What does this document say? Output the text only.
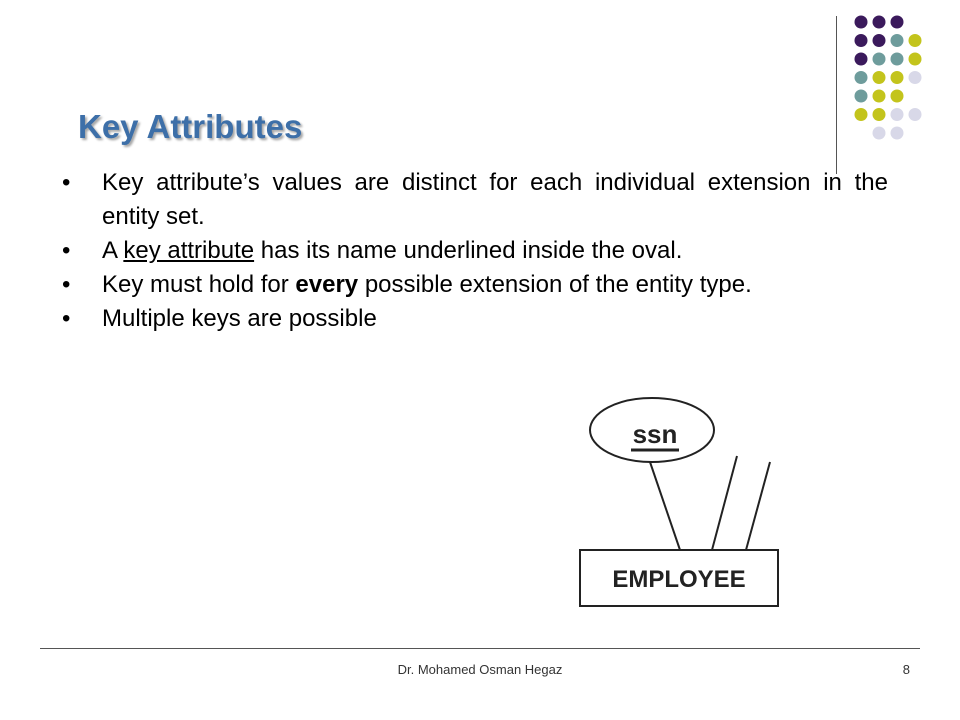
Key Attributes
• Key attribute’s values are distinct for each individual extension in the entity set.
• A key attribute has its name underlined inside the oval.
• Key must hold for every possible extension of the entity type.
• Multiple keys are possible
ssn
EMPLOYEE
Dr. Mohamed Osman Hegaz	8
